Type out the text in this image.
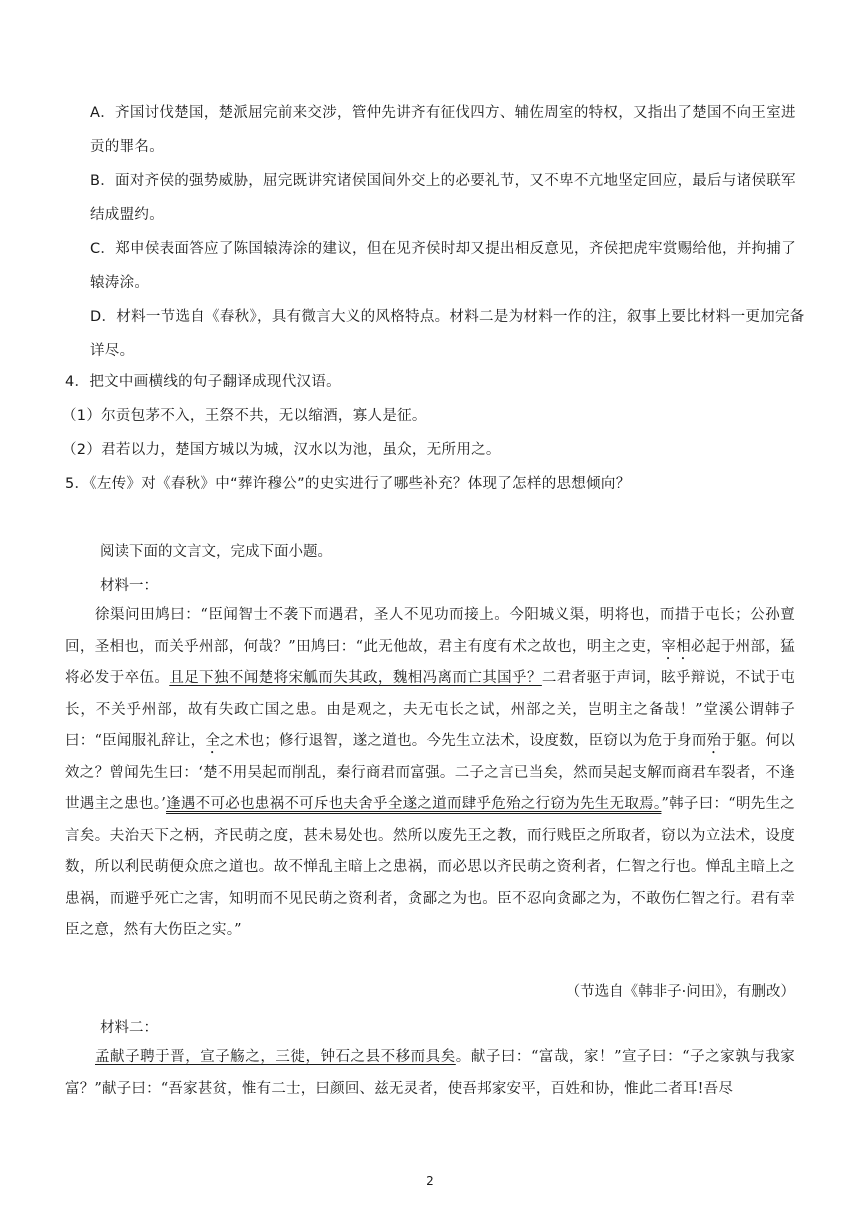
A．齐国讨伐楚国，楚派屈完前来交涉，管仲先讲齐有征伐四方、辅佐周室的特权，又指出了楚国不向王室进贡的罪名。
B．面对齐侯的强势威胁，屈完既讲究诸侯国间外交上的必要礼节，又不卑不亢地坚定回应，最后与诸侯联军结成盟约。
C．郑申侯表面答应了陈国辕涛涂的建议，但在见齐侯时却又提出相反意见，齐侯把虎牢赏赐给他，并拘捕了辕涛涂。
D．材料一节选自《春秋》，具有微言大义的风格特点。材料二是为材料一作的注，叙事上要比材料一更加完备详尽。
4．把文中画横线的句子翻译成现代汉语。
（1）尔贡包茅不入，王祭不共，无以缩酒，寡人是征。
（2）君若以力，楚国方城以为城，汉水以为池，虽众，无所用之。
5．《左传》对《春秋》中“葬许穆公”的史实进行了哪些补充？体现了怎样的思想倾向？
阅读下面的文言文，完成下面小题。
材料一：
徐渠问田鸠曰：“臣闻智士不袭下而遇君，圣人不见功而接上。今阳城义渠，明将也，而措于屯长；公孙亶回，圣相也，而关乎州部，何哉？”田鸠曰：“此无他故，君主有度有术之故也，明主之吏，宰相必起于州部，猛将必发于卒伍。且足下独不闻楚将宋觚而失其政，魏相冯离而亡其国乎？二君者驱于声词，眩乎辩说，不试于屯长，不关乎州部，故有失政亡国之患。由是观之，夫无屯长之试，州部之关，岂明主之备哉！”堂溪公谓韩子曰：“臣闻服礼辞让，全之术也；修行退智，遂之道也。今先生立法术，设度数，臣窃以为危于身而殆于躯。何以效之？曾闻先生曰：‘楚不用吴起而削乱，秦行商君而富强。二子之言已当矣，然而吴起支解而商君车裂者，不逢世遇主之患也。’逢遇不可必也患祸不可斥也夫舍乎全遂之道而肆乎危殆之行窃为先生无取焉。”韩子曰：“明先生之言矣。夫治天下之柄，齐民萌之度，甚未易处也。然所以废先王之教，而行贱臣之所取者，窃以为立法术，设度数，所以利民萌便众庶之道也。故不惮乱主暗上之患祸，而必思以齐民萌之资利者，仁智之行也。惮乱主暗上之患祸，而避乎死亡之害，知明而不见民萌之资利者，贪鄙之为也。臣不忍向贪鄙之为，不敢伤仁智之行。君有幸臣之意，然有大伤臣之实。”
（节选自《韩非子·问田》，有删改）
材料二：
孟献子聘于晋，宣子觞之，三徙，钟石之县不移而具矣。献子曰：“富哉，家！”宣子曰：“子之家孰与我家富？”献子曰：“吾家甚贫，惟有二士，曰颜回、兹无灵者，使吾邦家安平，百姓和协，惟此二者耳!吾尽
2
